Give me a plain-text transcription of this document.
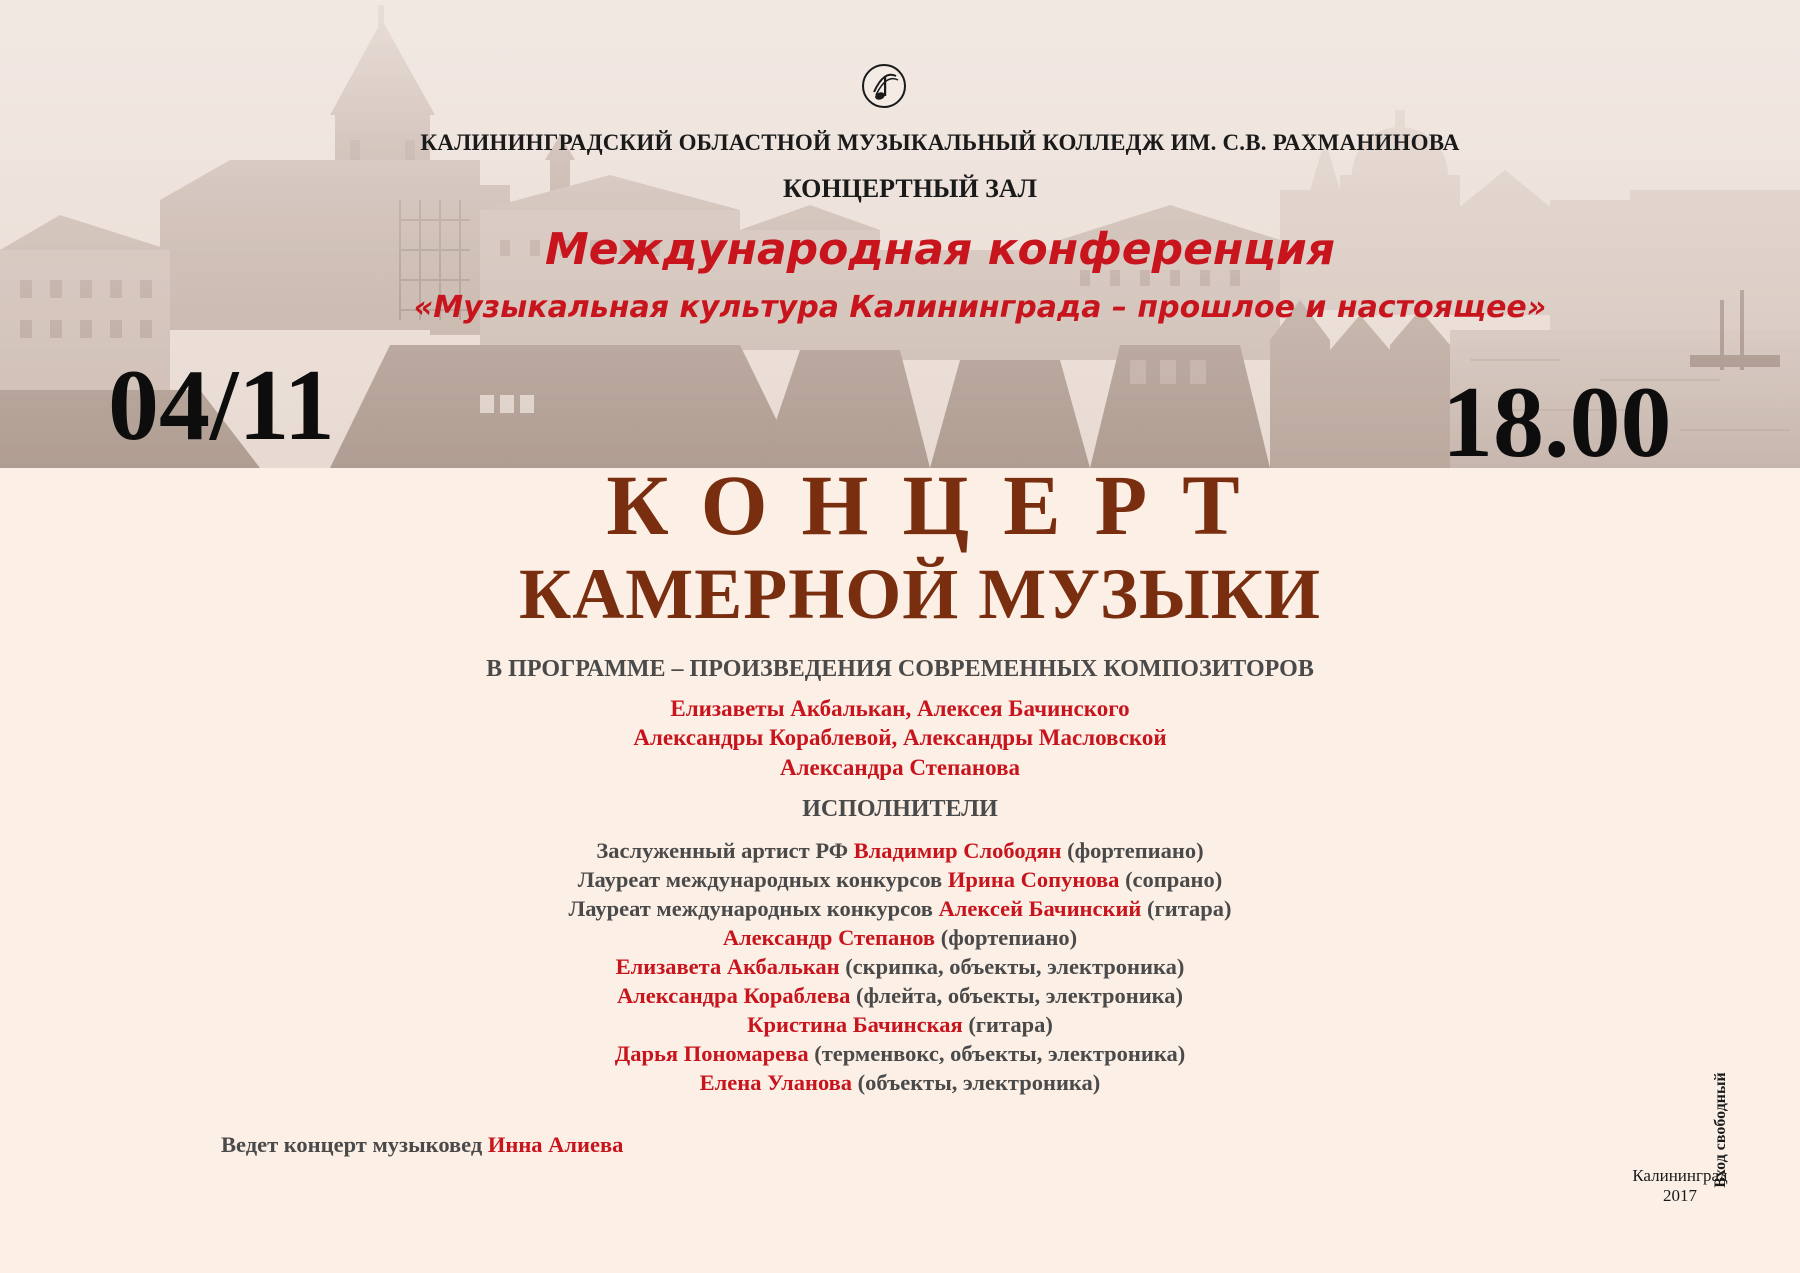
КАЛИНИНГРАДСКИЙ ОБЛАСТНОЙ МУЗЫКАЛЬНЫЙ КОЛЛЕДЖ ИМ. С.В. РАХМАНИНОВА
КОНЦЕРТНЫЙ ЗАЛ
Международная конференция
«Музыкальная культура Калининграда – прошлое и настоящее»
04/11	18.00
КОНЦЕРТ
КАМЕРНОЙ МУЗЫКИ
В ПРОГРАММЕ – ПРОИЗВЕДЕНИЯ СОВРЕМЕННЫХ КОМПОЗИТОРОВ
Елизаветы Акбалькан, Алексея Бачинского
Александры Кораблевой, Александры Масловской
Александра Степанова
ИСПОЛНИТЕЛИ
Заслуженный артист РФ Владимир Слободян (фортепиано)
Лауреат международных конкурсов Ирина Сопунова (сопрано)
Лауреат международных конкурсов Алексей Бачинский (гитара)
Александр Степанов (фортепиано)
Елизавета Акбалькан (скрипка, объекты, электроника)
Александра Кораблева (флейта, объекты, электроника)
Кристина Бачинская (гитара)
Дарья Пономарева (терменвокс, объекты, электроника)
Елена Уланова (объекты, электроника)
Ведет концерт музыковед Инна Алиева	Вход свободный
Калининград
2017
